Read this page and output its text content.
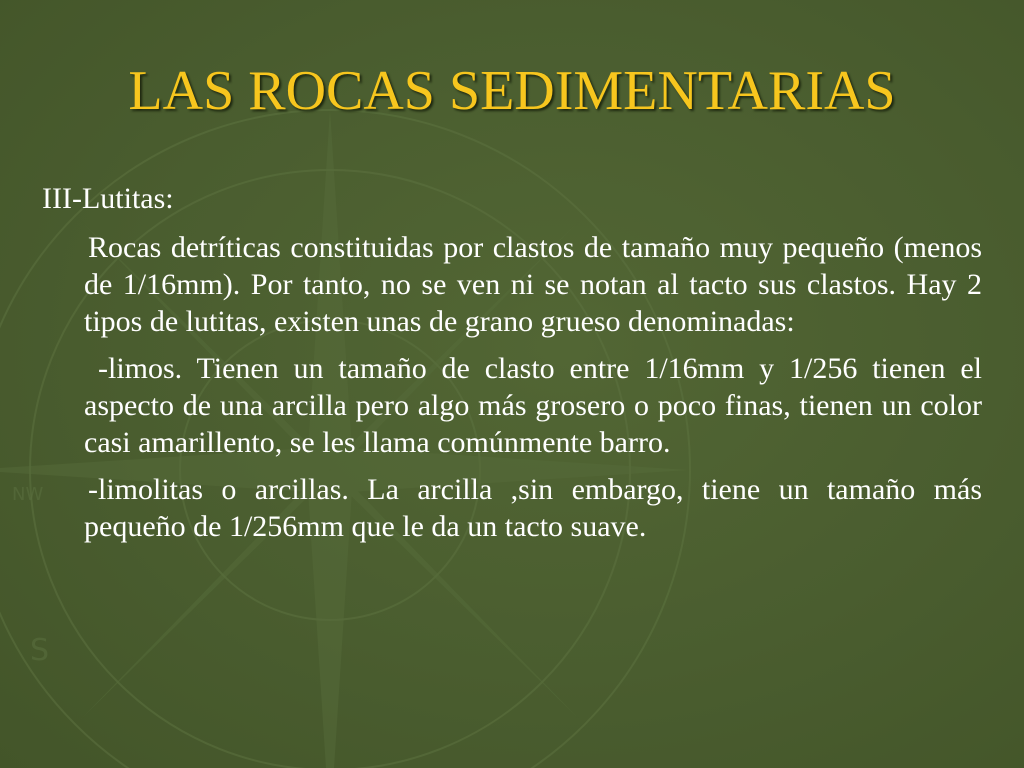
S
NW
LAS ROCAS SEDIMENTARIAS

III-Lutitas:

Rocas detríticas constituidas por clastos de tamaño muy pequeño (menos de 1/16mm). Por tanto, no se ven ni se notan al tacto sus clastos. Hay 2 tipos de lutitas, existen unas de grano grueso denominadas:

-limos. Tienen un tamaño de clasto entre 1/16mm y 1/256 tienen el aspecto de una arcilla pero algo más grosero o poco finas, tienen un color casi amarillento, se les llama comúnmente barro.

-limolitas o arcillas. La arcilla ,sin embargo, tiene un tamaño más pequeño de 1/256mm que le da un tacto suave.
